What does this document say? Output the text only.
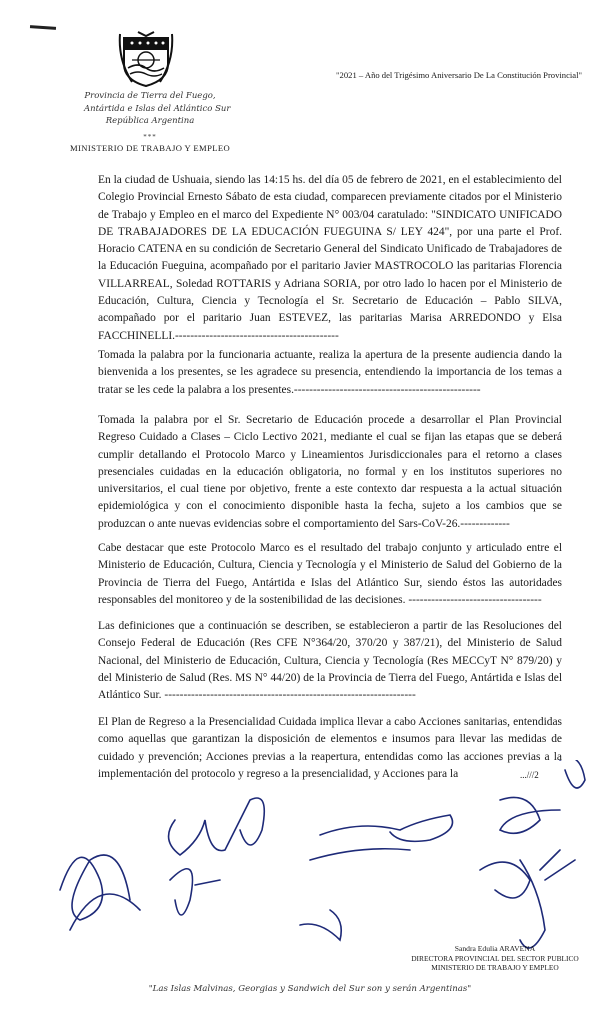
Provincia de Tierra del Fuego,
Antártida e Islas del Atlántico Sur
República Argentina
***
MINISTERIO DE TRABAJO Y EMPLEO
"2021 – Año del Trigésimo Aniversario De La Constitución Provincial"

En la ciudad de Ushuaia, siendo las 14:15 hs. del día 05 de febrero de 2021, en el establecimiento del Colegio Provincial Ernesto Sábato de esta ciudad, comparecen previamente citados por el Ministerio de Trabajo y Empleo en el marco del Expediente N° 003/04 caratulado: "SINDICATO UNIFICADO DE TRABAJADORES DE LA EDUCACIÓN FUEGUINA S/ LEY 424", por una parte el Prof. Horacio CATENA en su condición de Secretario General del Sindicato Unificado de Trabajadores de la Educación Fueguina, acompañado por el paritario Javier MASTROCOLO las paritarias Florencia VILLARREAL, Soledad ROTTARIS y Adriana SORIA, por otro lado lo hacen por el Ministerio de Educación, Cultura, Ciencia y Tecnología el Sr. Secretario de Educación – Pablo SILVA, acompañado por el paritario Juan ESTEVEZ, las paritarias Marisa ARREDONDO y Elsa FACCHINELLI.-------------------------------------------

Tomada la palabra por la funcionaria actuante, realiza la apertura de la presente audiencia dando la bienvenida a los presentes, se les agradece su presencia, entendiendo la importancia de los temas a tratar se les cede la palabra a los presentes.-------------------------------------------------

Tomada la palabra por el Sr. Secretario de Educación procede a desarrollar el Plan Provincial Regreso Cuidado a Clases – Ciclo Lectivo 2021, mediante el cual se fijan las etapas que se deberá cumplir detallando el Protocolo Marco y Lineamientos Jurisdiccionales para el retorno a clases presenciales cuidadas en la educación obligatoria, no formal y en los institutos superiores no universitarios, el cual tiene por objetivo, frente a este contexto dar respuesta a la actual situación epidemiológica y con el conocimiento disponible hasta la fecha, sujeto a los cambios que se produzcan o ante nuevas evidencias sobre el comportamiento del Sars-CoV-26.-------------

Cabe destacar que este Protocolo Marco es el resultado del trabajo conjunto y articulado entre el Ministerio de Educación, Cultura, Ciencia y Tecnología y el Ministerio de Salud del Gobierno de la Provincia de Tierra del Fuego, Antártida e Islas del Atlántico Sur, siendo éstos las autoridades responsables del monitoreo y de la sostenibilidad de las decisiones. -----------------------------------

Las definiciones que a continuación se describen, se establecieron a partir de las Resoluciones del Consejo Federal de Educación (Res CFE N°364/20, 370/20 y 387/21), del Ministerio de Salud Nacional, del Ministerio de Educación, Cultura, Ciencia y Tecnología (Res MECCyT N° 879/20) y del Ministerio de Salud (Res. MS N° 44/20) de la Provincia de Tierra del Fuego, Antártida e Islas del Atlántico Sur. ------------------------------------------------------------------

El Plan de Regreso a la Presencialidad Cuidada implica llevar a cabo Acciones sanitarias, entendidas como aquellas que garantizan la disposición de elementos e insumos para llevar las medidas de cuidado y prevención; Acciones previas a la reapertura, entendidas como las acciones previas a la implementación del protocolo y regreso a la presencialidad, y Acciones para la	...///2
Sandra Edulia ARAVENA
DIRECTORA PROVINCIAL DEL SECTOR PUBLICO
MINISTERIO DE TRABAJO Y EMPLEO
"Las Islas Malvinas, Georgias y Sandwich del Sur son y serán Argentinas"
